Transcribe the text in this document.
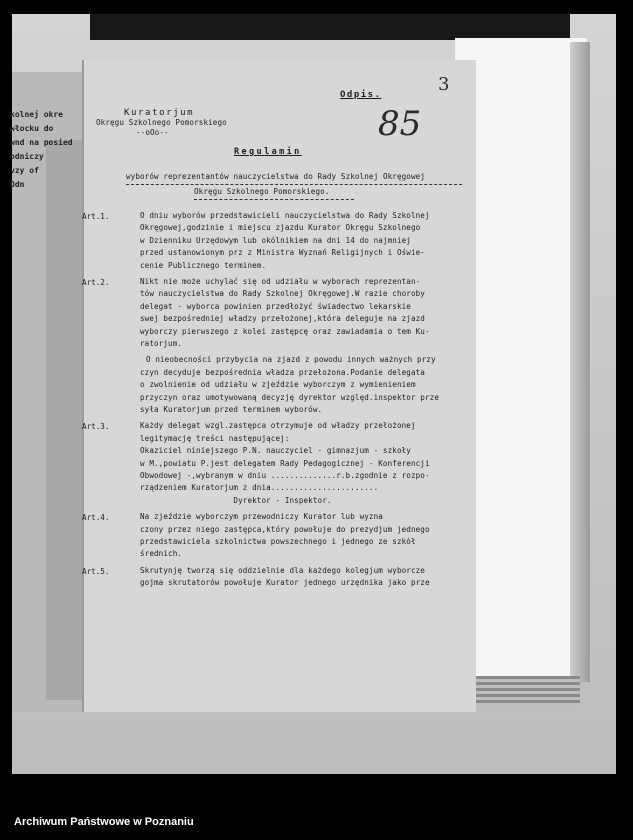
kolnej okre
włocku do
wnd na posied
odniczy
vzy of
Odn
Kuratorjum
Okręgu Szkolnego Pomorskiego
--oOo--
Odpis.	3
85
Regulamin
wyborów reprezentantów nauczycielstwa do Rady Szkolnej Okręgowej
Okręgu Szkolnego Pomorskiego.
Art.1.	O dniu wyborów przedstawicieli nauczycielstwa do Rady Szkolnej
Okręgowej,godzinie i miejscu zjazdu Kurator Okręgu Szkolnego
w Dzienniku Urzędowym lub okólnikiem na dni 14 do najmniej
przed ustanowionym prz z Ministra Wyznań Religijnych i Oświe-
cenie Publicznego terminem.
Art.2.	Nikt nie może uchylać się od udziału w wyborach reprezentan-
tów nauczycielstwa do Rady Szkolnej Okręgowej.W razie choroby
delegat - wyborca powinien przedłożyć świadectwo lekarskie
swej bezpośredniej władzy przełożonej,która deleguje na zjazd
wyborczy pierwszego z kolei zastępcę oraz zawiadamia o tem Ku-
ratorjum.
O nieobecności przybycia na zjazd z powodu innych ważnych przy
czyn decyduje bezpośrednia władza przełożona.Podanie delegata
o zwolnienie od udziału w zjeździe wyborczym z wymienieniem
przyczyn oraz umotywowaną decyzję dyrektor względ.inspektor prze
syła Kuratorjum przed terminem wyborów.
Art.3.	Każdy delegat wzgl.zastępca otrzymuje od władzy przełożonej
legitymację treści następującej:
Okaziciel niniejszego P.N. nauczyciel - gimnazjum - szkoły
w M.,powiatu P.jest delegatem Rady Pedagogicznej - Konferencji
Obwodowej -,wybranym w dniu ..............r.b.zgodnie z rozpo-
rządzeniem Kuratorjum z dnia.......................
Dyrektor - Inspektor.
Art.4.	Na zjeździe wyborczym przewodniczy Kurator lub wyzna
czony przez niego zastępca,który powołuje do prezydjum jednego
przedstawiciela szkolnictwa powszechnego i jednego ze szkół
średnich.
Art.5.	Skrutynję tworzą się oddzielnie dla każdego kolegjum wyborcze
gojma skrutatorów powołuje Kurator jednego urzędnika jako prze
Archiwum Państwowe w Poznaniu
